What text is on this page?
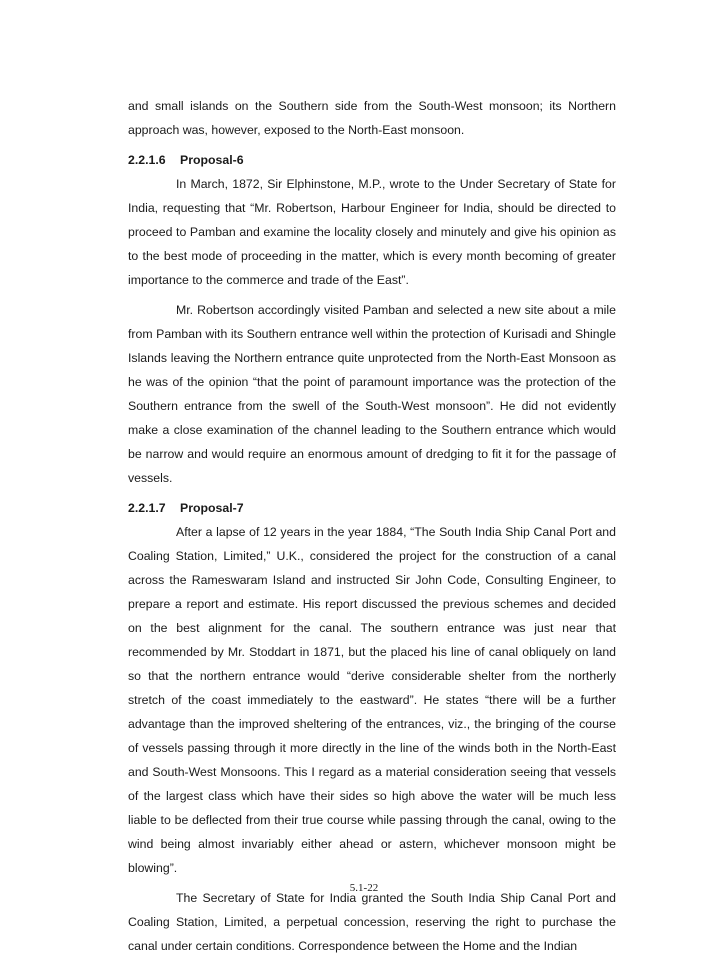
and small islands on the Southern side from the South-West monsoon; its Northern approach was, however, exposed to the North-East monsoon.

2.2.1.6 Proposal-6

In March, 1872, Sir Elphinstone, M.P., wrote to the Under Secretary of State for India, requesting that “Mr. Robertson, Harbour Engineer for India, should be directed to proceed to Pamban and examine the locality closely and minutely and give his opinion as to the best mode of proceeding in the matter, which is every month becoming of greater importance to the commerce and trade of the East”.

Mr. Robertson accordingly visited Pamban and selected a new site about a mile from Pamban with its Southern entrance well within the protection of Kurisadi and Shingle Islands leaving the Northern entrance quite unprotected from the North-East Monsoon as he was of the opinion “that the point of paramount importance was the protection of the Southern entrance from the swell of the South-West monsoon”. He did not evidently make a close examination of the channel leading to the Southern entrance which would be narrow and would require an enormous amount of dredging to fit it for the passage of vessels.

2.2.1.7 Proposal-7

After a lapse of 12 years in the year 1884, “The South India Ship Canal Port and Coaling Station, Limited,” U.K., considered the project for the construction of a canal across the Rameswaram Island and instructed Sir John Code, Consulting Engineer, to prepare a report and estimate. His report discussed the previous schemes and decided on the best alignment for the canal. The southern entrance was just near that recommended by Mr. Stoddart in 1871, but the placed his line of canal obliquely on land so that the northern entrance would “derive considerable shelter from the northerly stretch of the coast immediately to the eastward”. He states “there will be a further advantage than the improved sheltering of the entrances, viz., the bringing of the course of vessels passing through it more directly in the line of the winds both in the North-East and South-West Monsoons. This I regard as a material consideration seeing that vessels of the largest class which have their sides so high above the water will be much less liable to be deflected from their true course while passing through the canal, owing to the wind being almost invariably either ahead or astern, whichever monsoon might be blowing”.

The Secretary of State for India granted the South India Ship Canal Port and Coaling Station, Limited, a perpetual concession, reserving the right to purchase the canal under certain conditions. Correspondence between the Home and the Indian

5.1-22
